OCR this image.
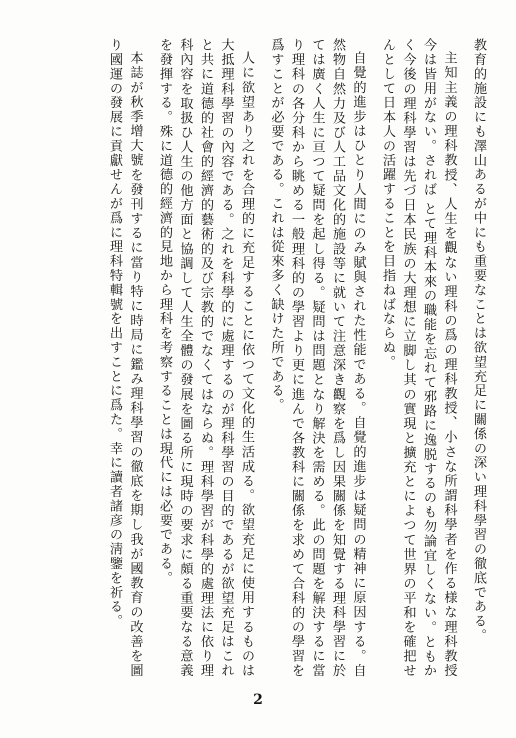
教育的施設にも澤山あるが中にも重要なことは欲望充足に關係の深い理科學習の徹底である。

主知主義の理科教授、人生を觀ない理科の爲の理科教授、小さな所謂科學者を作る様な理科教授今は皆用がない。されば とて理科本來の職能を忘れて邪路に逸脱するのも勿論宜しくない。ともかく今後の理科學習は先づ日本民族の大理想に立脚し其の實現と擴充とによつて世界の平和を確把せんとして日本人の活躍することを目指ねばならぬ。

自覺的進步はひとり人間にのみ賦與された性能である。自覺的進步は疑問の精神に原因する。自然物自然力及び人工品文化的施設等に就いて注意深き觀察を爲し因果關係を知覺する理科學習に於ては廣く人生に亘つて疑問を起し得る。疑問は問題となり解決を需める。此の問題を解決するに當り理科の各分科から眺める一般理科的の學習より更に進んで各教科に關係を求めて合科的の學習を爲すことが必要である。これは從來多く缺けた所である。

人に欲望あり之れを合理的に充足することに依つて文化的生活成る。欲望充足に使用するものは大抵理科學習の內容である。之れを科學的に處理するのが理科學習の目的であるが欲望充足はこれと共に道德的社會的經濟的藝術的及び宗教的でなくてはならぬ。理科學習が科學的處理法に依り理科內容を取扱ひ人生の他方面と協調して人生全體の發展を圖る所に現時の要求に頗る重要なる意義を發揮する。殊に道德的經濟的見地から理科を考察することは現代には必要である。

本誌が秋季增大號を發刊するに當り特に時局に鑑み理科學習の徹底を期し我が國教育の改善を圖り國運の發展に貢獻せんが爲に理科特輯號を出すことに爲た。幸に讀者諸彦の淸鑒を祈る。

2
